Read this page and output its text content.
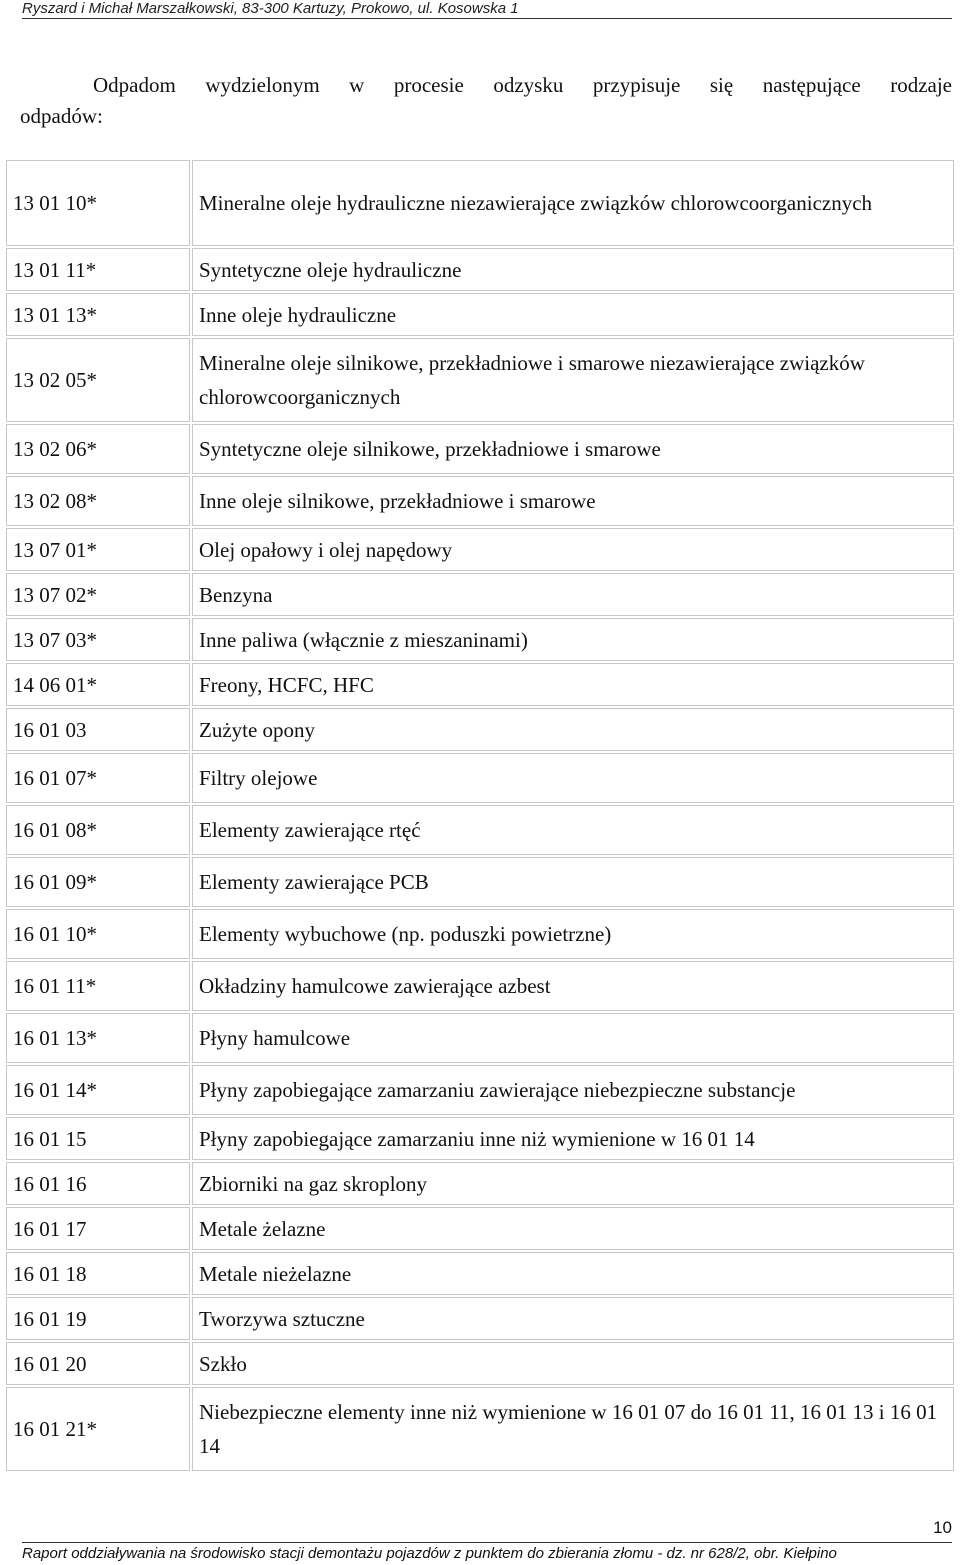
Ryszard i Michał Marszałkowski, 83-300 Kartuzy, Prokowo, ul. Kosowska 1
Odpadom wydzielonym w procesie odzysku przypisuje się następujące rodzaje
odpadów:
13 01 10*	Mineralne oleje hydrauliczne niezawierające związków chlorowcoorganicznych
13 01 11*	Syntetyczne oleje hydrauliczne
13 01 13*	Inne oleje hydrauliczne
13 02 05*	Mineralne oleje silnikowe, przekładniowe i smarowe niezawierające związków chlorowcoorganicznych
13 02 06*	Syntetyczne oleje silnikowe, przekładniowe i smarowe
13 02 08*	Inne oleje silnikowe, przekładniowe i smarowe
13 07 01*	Olej opałowy i olej napędowy
13 07 02*	Benzyna
13 07 03*	Inne paliwa (włącznie z mieszaninami)
14 06 01*	Freony, HCFC, HFC
16 01 03	Zużyte opony
16 01 07*	Filtry olejowe
16 01 08*	Elementy zawierające rtęć
16 01 09*	Elementy zawierające PCB
16 01 10*	Elementy wybuchowe (np. poduszki powietrzne)
16 01 11*	Okładziny hamulcowe zawierające azbest
16 01 13*	Płyny hamulcowe
16 01 14*	Płyny zapobiegające zamarzaniu zawierające niebezpieczne substancje
16 01 15	Płyny zapobiegające zamarzaniu inne niż wymienione w 16 01 14
16 01 16	Zbiorniki na gaz skroplony
16 01 17	Metale żelazne
16 01 18	Metale nieżelazne
16 01 19	Tworzywa sztuczne
16 01 20	Szkło
16 01 21*	Niebezpieczne elementy inne niż wymienione w 16 01 07 do 16 01 11, 16 01 13 i 16 01 14
10
Raport oddziaływania na środowisko stacji demontażu pojazdów z punktem do zbierania złomu - dz. nr 628/2, obr. Kiełpino
